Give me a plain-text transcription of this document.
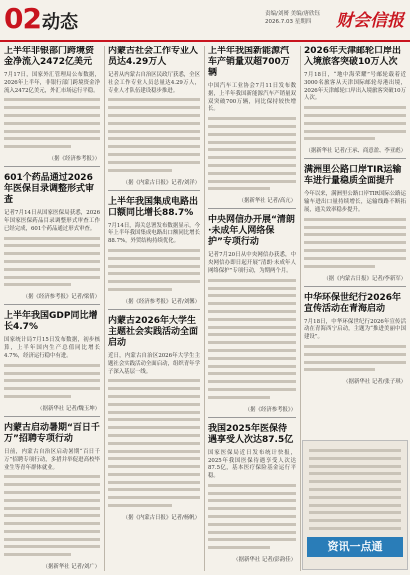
02 动态	责编/刘赟 美编/唐欣钰
2026.7.03 星期四	财会信报
上半年非银部门跨境资金净流入2472亿美元
7月17日，国家外汇管理局公布数据，2026年上半年，非银行部门跨境资金净流入2472亿美元，外汇市场运行平稳。
（据《经济参考报》）
601个药品通过2026年医保目录调整形式审查
记者7月14日从国家医保局获悉，2026年国家医保药品目录调整形式审查工作已经完成，601个药品通过形式审查。
（据《经济参考报》记者/梁倩）
上半年我国GDP同比增长4.7%
国家统计局7月15日发布数据，初步核算，上半年国内生产总值同比增长4.7%，经济运行稳中有进。
（据新华社 记者/魏玉坤）
内蒙古启动暑期“百日千万”招聘专项行动
日前，内蒙古自治区启动暑期“百日千万”招聘专项行动，多措并举促进高校毕业生等青年群体就业。
（据新华社 记者/刘广）
内蒙古社会工作专业人员达4.29万人
记者从内蒙古自治区民政厅获悉，全区社会工作专业人员总量达4.29万人，专业人才队伍建设稳步推进。
（据《内蒙古日报》记者/刘洋）
上半年我国集成电路出口额同比增长88.7%
7月14日，海关总署发布数据显示，今年上半年我国集成电路出口额同比增长88.7%，外贸结构持续优化。
（据《经济参考报》记者/刘馨）
内蒙古2026年大学生主题社会实践活动全面启动
近日，内蒙古自治区2026年大学生主题社会实践活动全面启动，组织青年学子深入基层一线。
（据《内蒙古日报》记者/杨帆）
上半年我国新能源汽车产销量双超700万辆
中国汽车工业协会7月11日发布数据，上半年我国新能源汽车产销量双双突破700万辆，同比保持较快增长。
（据新华社 记者/高亢）
中央网信办开展“清朗·未成年人网络保护”专项行动
记者7月20日从中央网信办获悉，中央网信办即日起开展“清朗·未成年人网络保护”专项行动，为期两个月。
（据《经济参考报》）
我国2025年医保待遇享受人次达87.5亿
国家医保局近日发布统计快报，2025年我国医保待遇享受人次达87.5亿，基本医疗保险基金运行平稳。
（据新华社 记者/彭韵佳）
2026年天津邮轮口岸出入境旅客突破10万人次
7月18日，“地中海荣耀”号邮轮载着近3000名旅客从天津国际邮轮母港出境，2026年天津邮轮口岸出入境旅客突破10万人次。
（据新华社 记者/王承、商意盈、李亚彪）
满洲里公路口岸TIR运输车进行量稳质全面提升
今年以来，满洲里公路口岸TIR国际公路运输车进出口量持续增长，运输线路不断拓展，通关效率稳步提升。
（据《内蒙古日报》记者/李新军）
中华环保世纪行2026年宣传活动在青海启动
7月18日，中华环保世纪行2026年宣传活动在青海西宁启动，主题为“推进美丽中国建设”。
（据新华社 记者/张子琪）
资讯一点通
